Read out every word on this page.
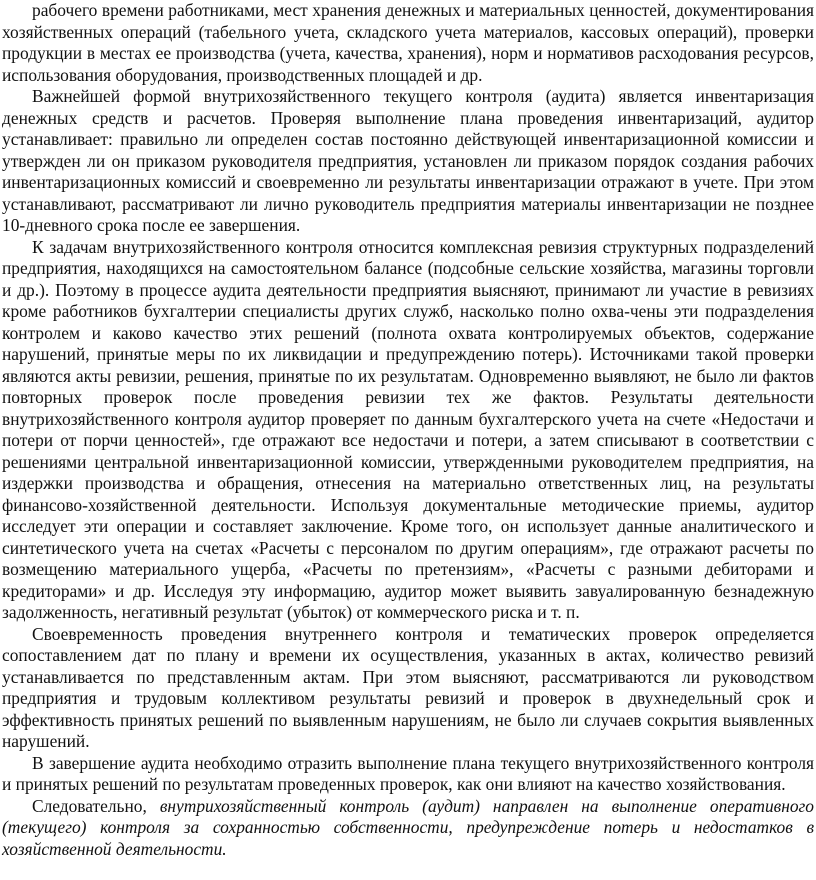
рабочего времени работниками, мест хранения денежных и материальных ценностей, документирования хозяйственных операций (табельного учета, складского учета материалов, кассовых операций), проверки продукции в местах ее производства (учета, качества, хранения), норм и нормативов расходования ресурсов, использования оборудования, производственных площадей и др.

Важнейшей формой внутрихозяйственного текущего контроля (аудита) является инвентаризация денежных средств и расчетов. Проверяя выполнение плана проведения инвентаризаций, аудитор устанавливает: правильно ли определен состав постоянно действующей инвентаризационной комиссии и утвержден ли он приказом руководителя предприятия, установлен ли приказом порядок создания рабочих инвентаризационных комиссий и своевременно ли результаты инвентаризации отражают в учете. При этом устанавливают, рассматривают ли лично руководитель предприятия материалы инвентаризации не позднее 10-дневного срока после ее завершения.

К задачам внутрихозяйственного контроля относится комплексная ревизия структурных подразделений предприятия, находящихся на самостоятельном балансе (подсобные сельские хозяйства, магазины торговли и др.). Поэтому в процессе аудита деятельности предприятия выясняют, принимают ли участие в ревизиях кроме работников бухгалтерии специалисты других служб, насколько полно охва-чены эти подразделения контролем и каково качество этих решений (полнота охвата контролируемых объектов, содержание нарушений, принятые меры по их ликвидации и предупреждению потерь). Источниками такой проверки являются акты ревизии, решения, принятые по их результатам. Одновременно выявляют, не было ли фактов повторных проверок после проведения ревизии тех же фактов. Результаты деятельности внутрихозяйственного контроля аудитор проверяет по данным бухгалтерского учета на счете «Недостачи и потери от порчи ценностей», где отражают все недостачи и потери, а затем списывают в соответствии с решениями центральной инвентаризационной комиссии, утвержденными руководителем предприятия, на издержки производства и обращения, отнесения на материально ответственных лиц, на результаты финансово-хозяйственной деятельности. Используя документальные методические приемы, аудитор исследует эти операции и составляет заключение. Кроме того, он использует данные аналитического и синтетического учета на счетах «Расчеты с персоналом по другим операциям», где отражают расчеты по возмещению материального ущерба, «Расчеты по претензиям», «Расчеты с разными дебиторами и кредиторами» и др. Исследуя эту информацию, аудитор может выявить завуалированную безнадежную задолженность, негативный результат (убыток) от коммерческого риска и т. п.

Своевременность проведения внутреннего контроля и тематических проверок определяется сопоставлением дат по плану и времени их осуществления, указанных в актах, количество ревизий устанавливается по представленным актам. При этом выясняют, рассматриваются ли руководством предприятия и трудовым коллективом результаты ревизий и проверок в двухнедельный срок и эффективность принятых решений по выявленным нарушениям, не было ли случаев сокрытия выявленных нарушений.

В завершение аудита необходимо отразить выполнение плана текущего внутрихозяйственного контроля и принятых решений по результатам проведенных проверок, как они влияют на качество хозяйствования.

Следовательно, внутрихозяйственный контроль (аудит) направлен на выполнение оперативного (текущего) контроля за сохранностью собственности, предупреждение потерь и недостатков в хозяйственной деятельности.
